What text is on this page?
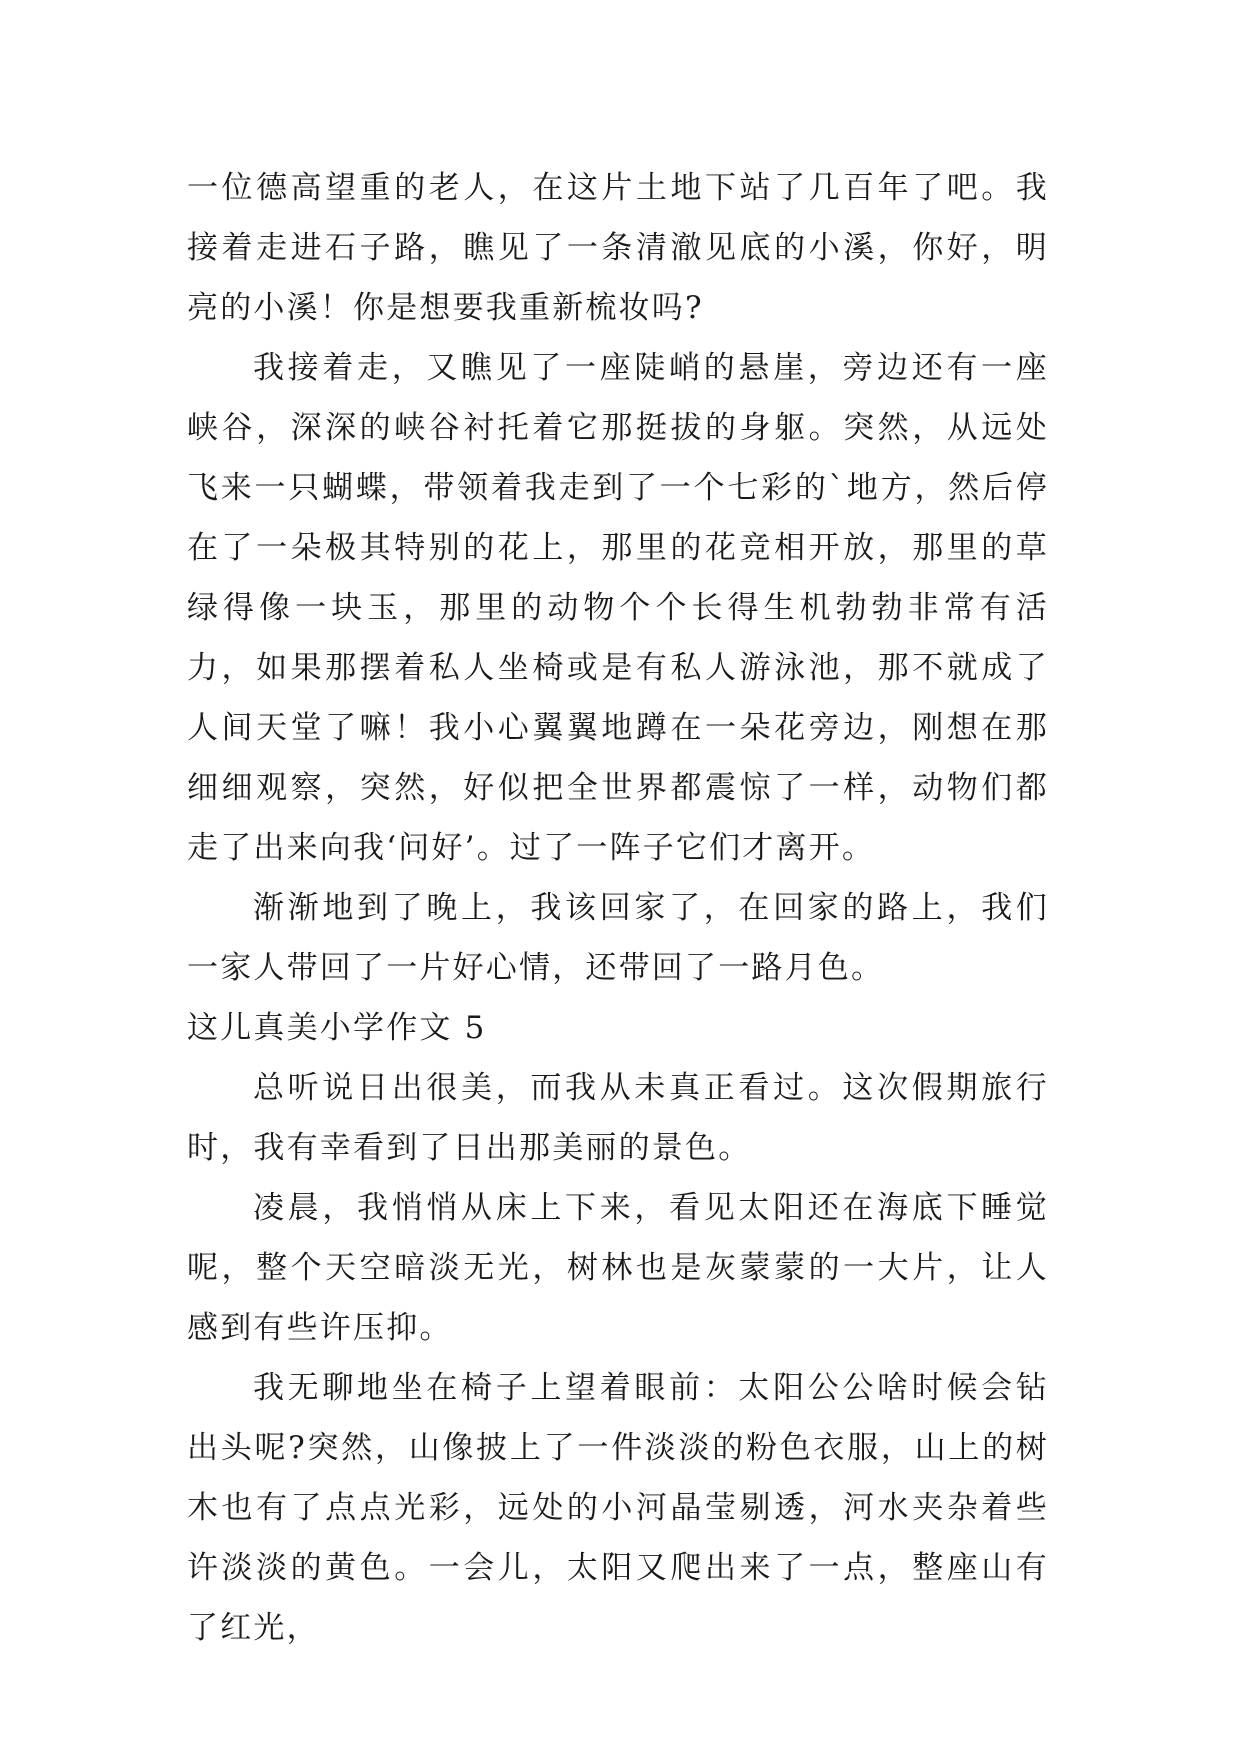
一位德高望重的老人，在这片土地下站了几百年了吧。我接着走进石子路，瞧见了一条清澈见底的小溪，你好，明亮的小溪！你是想要我重新梳妆吗?

我接着走，又瞧见了一座陡峭的悬崖，旁边还有一座峡谷，深深的峡谷衬托着它那挺拔的身躯。突然，从远处飞来一只蝴蝶，带领着我走到了一个七彩的`地方，然后停在了一朵极其特别的花上，那里的花竞相开放，那里的草绿得像一块玉，那里的动物个个长得生机勃勃非常有活力，如果那摆着私人坐椅或是有私人游泳池，那不就成了人间天堂了嘛！我小心翼翼地蹲在一朵花旁边，刚想在那细细观察，突然，好似把全世界都震惊了一样，动物们都走了出来向我‘问好’。过了一阵子它们才离开。

渐渐地到了晚上，我该回家了，在回家的路上，我们一家人带回了一片好心情，还带回了一路月色。

这儿真美小学作文 5

总听说日出很美，而我从未真正看过。这次假期旅行时，我有幸看到了日出那美丽的景色。

凌晨，我悄悄从床上下来，看见太阳还在海底下睡觉呢，整个天空暗淡无光，树林也是灰蒙蒙的一大片，让人感到有些许压抑。

我无聊地坐在椅子上望着眼前：太阳公公啥时候会钻出头呢?突然，山像披上了一件淡淡的粉色衣服，山上的树木也有了点点光彩，远处的小河晶莹剔透，河水夹杂着些许淡淡的黄色。一会儿，太阳又爬出来了一点，整座山有了红光，
